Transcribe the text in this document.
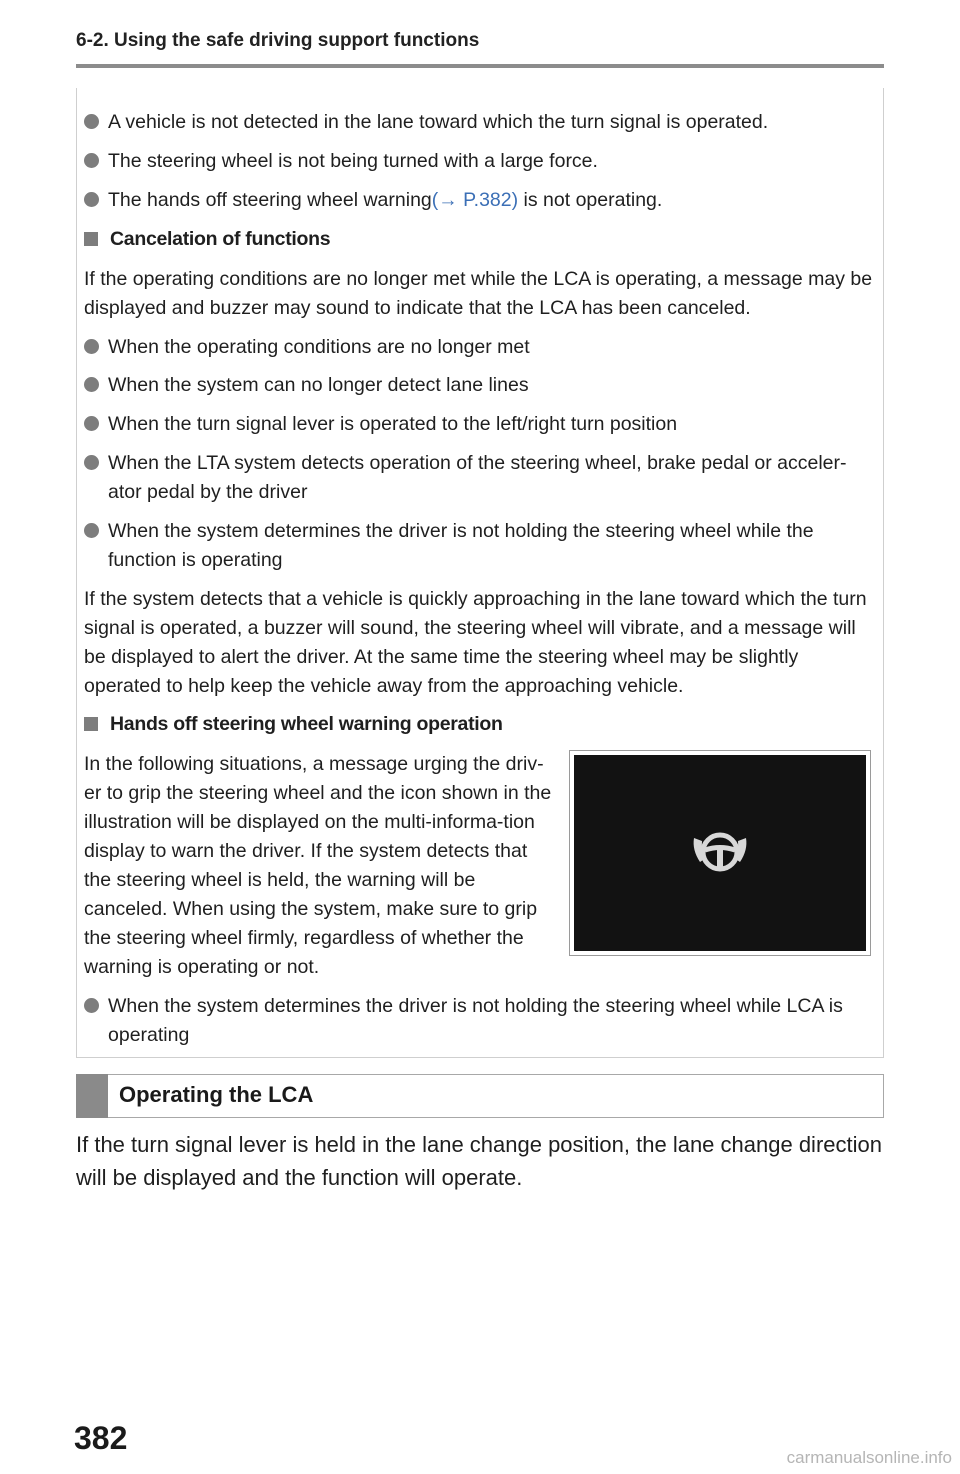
6-2. Using the safe driving support functions
A vehicle is not detected in the lane toward which the turn signal is operated.
The steering wheel is not being turned with a large force.
The hands off steering wheel warning(→ P.382) is not operating.
Cancelation of functions
If the operating conditions are no longer met while the LCA is operating, a message may be displayed and buzzer may sound to indicate that the LCA has been canceled.
When the operating conditions are no longer met
When the system can no longer detect lane lines
When the turn signal lever is operated to the left/right turn position
When the LTA system detects operation of the steering wheel, brake pedal or acceler-ator pedal by the driver
When the system determines the driver is not holding the steering wheel while the function is operating
If the system detects that a vehicle is quickly approaching in the lane toward which the turn signal is operated, a buzzer will sound, the steering wheel will vibrate, and a message will be displayed to alert the driver. At the same time the steering wheel may be slightly operated to help keep the vehicle away from the approaching vehicle.
Hands off steering wheel warning operation
In the following situations, a message urging the driv-er to grip the steering wheel and the icon shown in the illustration will be displayed on the multi-informa-tion display to warn the driver. If the system detects that the steering wheel is held, the warning will be canceled. When using the system, make sure to grip the steering wheel firmly, regardless of whether the warning is operating or not.
When the system determines the driver is not holding the steering wheel while LCA is operating
Operating the LCA
If the turn signal lever is held in the lane change position, the lane change direction will be displayed and the function will operate.
382
carmanualsonline.info
